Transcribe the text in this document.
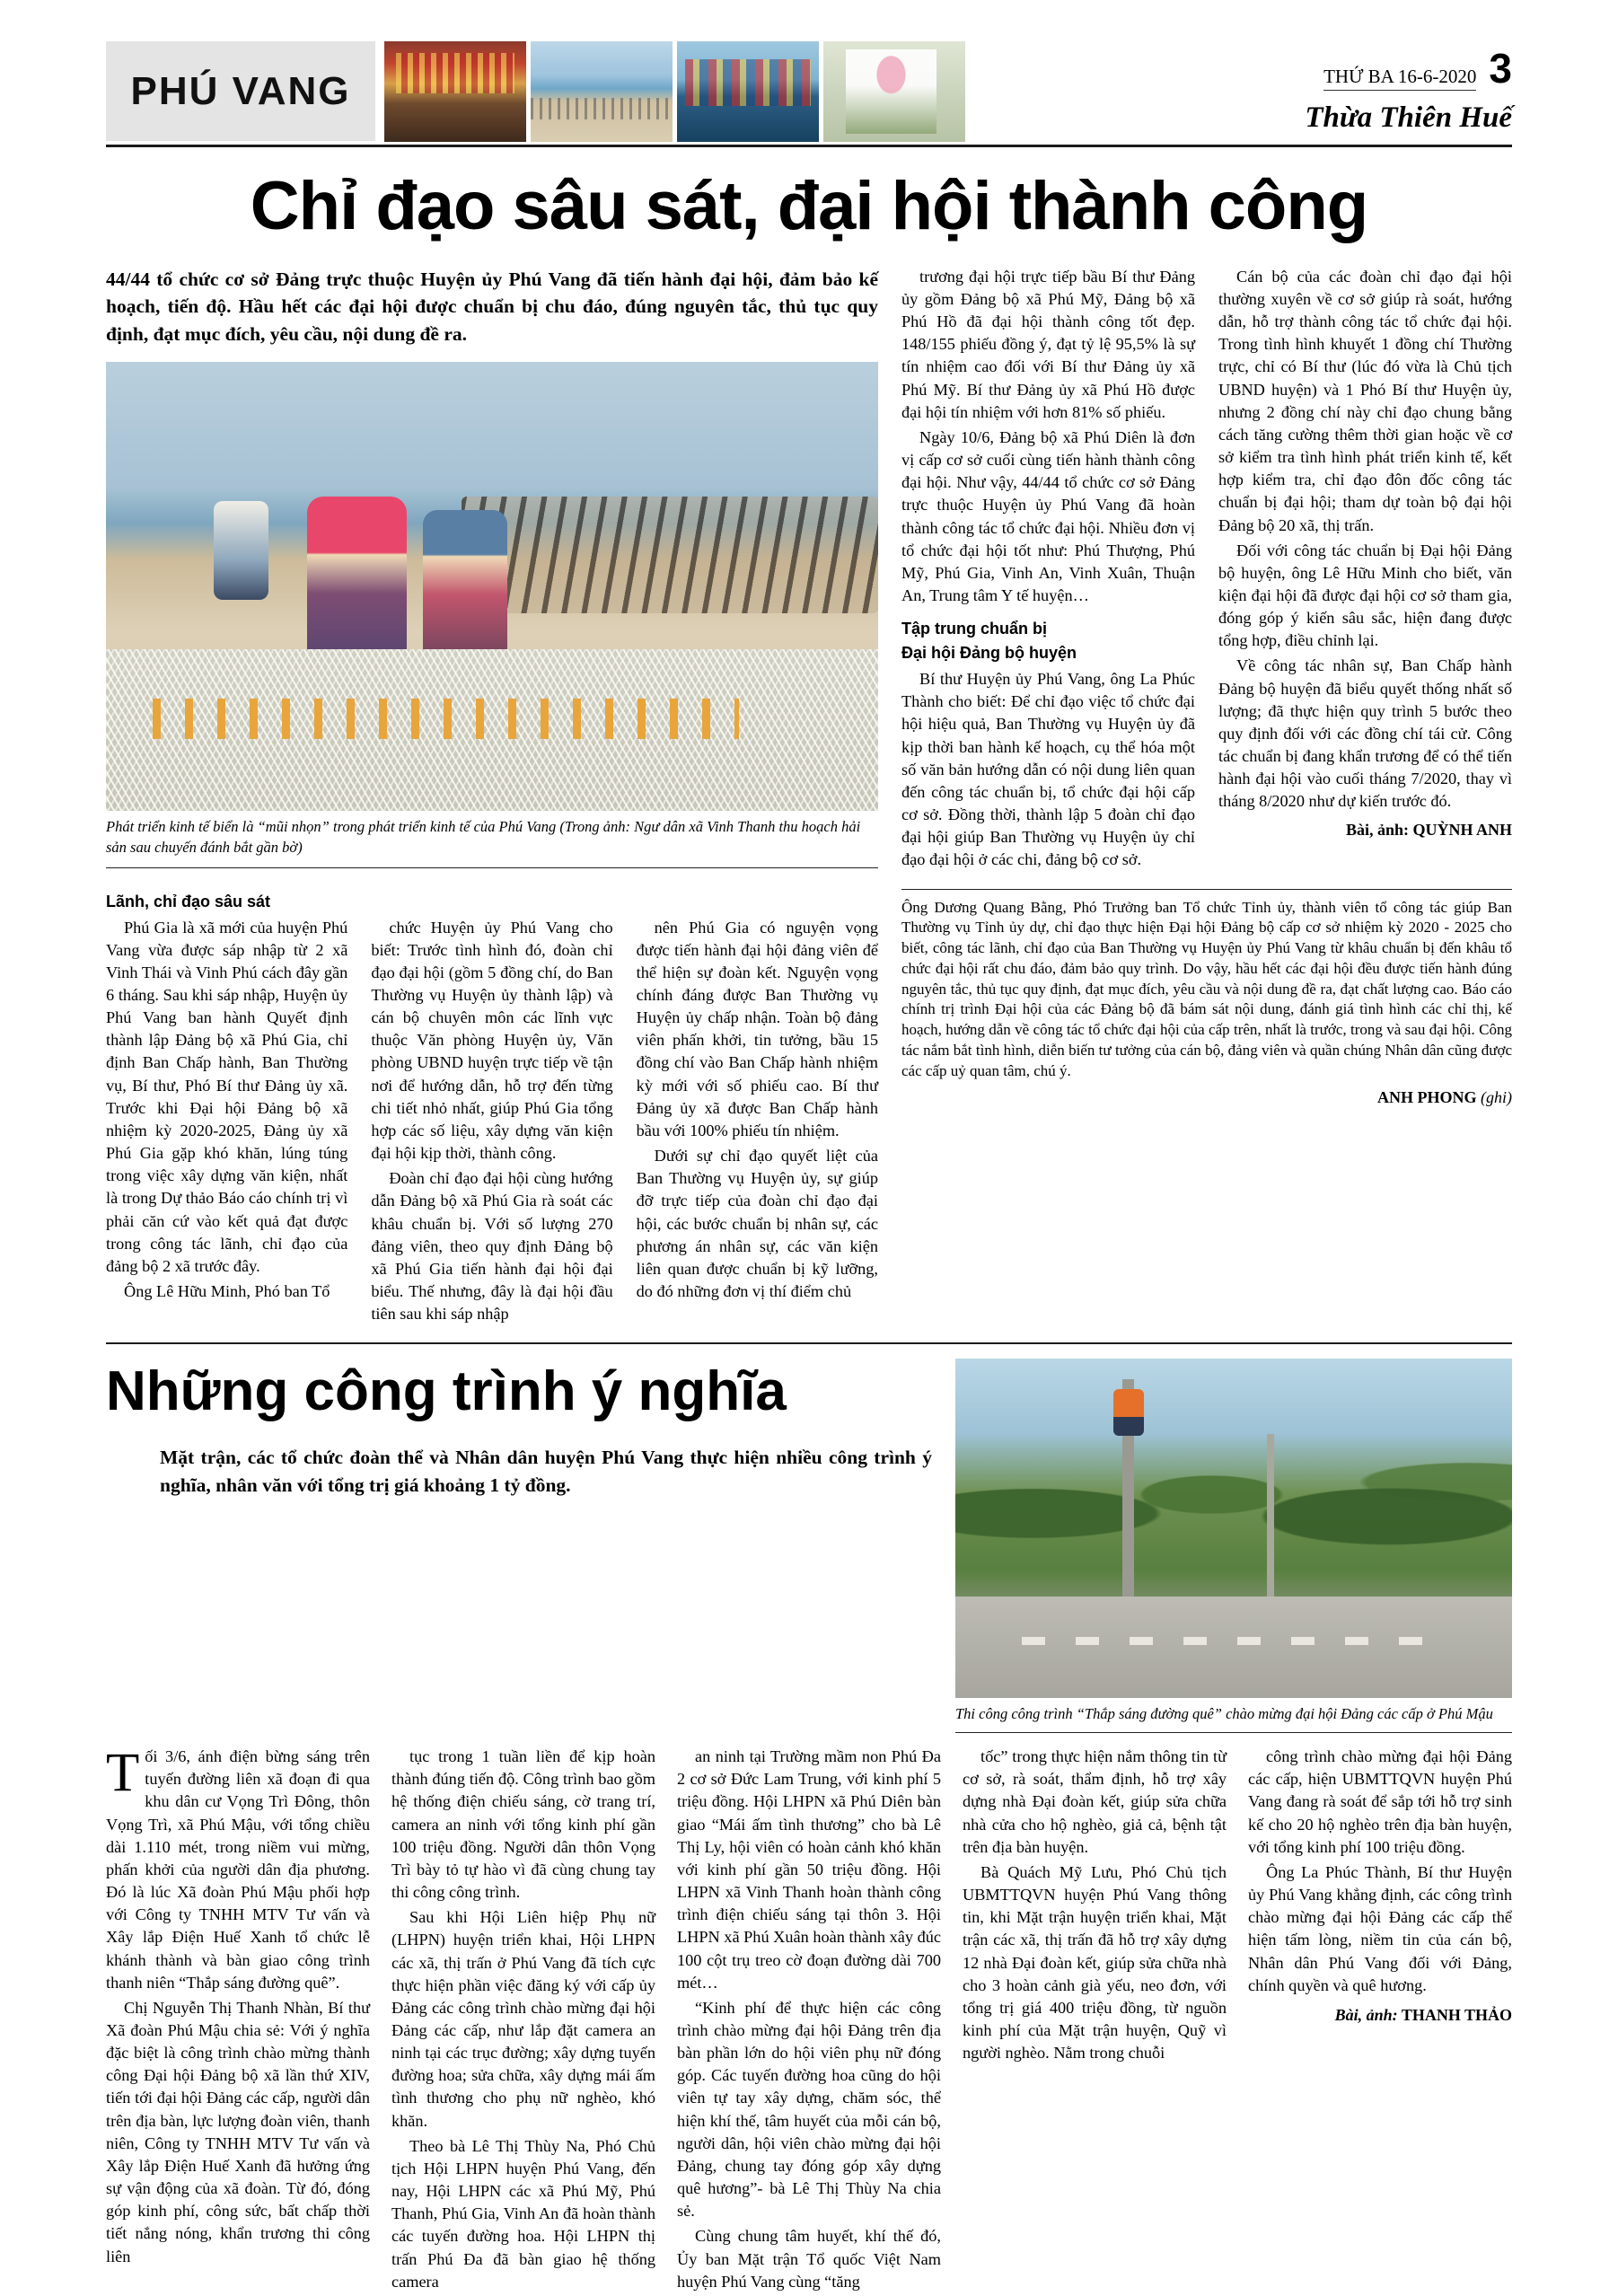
PHÚ VANG	THỨ BA 16-6-2020 3
Thừa Thiên Huế
Chỉ đạo sâu sát, đại hội thành công
44/44 tổ chức cơ sở Đảng trực thuộc Huyện ủy Phú Vang đã tiến hành đại hội, đảm bảo kế hoạch, tiến độ. Hầu hết các đại hội được chuẩn bị chu đáo, đúng nguyên tắc, thủ tục quy định, đạt mục đích, yêu cầu, nội dung đề ra.
Phát triển kinh tế biển là “mũi nhọn” trong phát triển kinh tế của Phú Vang (Trong ảnh: Ngư dân xã Vinh Thanh thu hoạch hải sản sau chuyến đánh bắt gần bờ)

trương đại hội trực tiếp bầu Bí thư Đảng ủy gồm Đảng bộ xã Phú Mỹ, Đảng bộ xã Phú Hồ đã đại hội thành công tốt đẹp. 148/155 phiếu đồng ý, đạt tỷ lệ 95,5% là sự tín nhiệm cao đối với Bí thư Đảng ủy xã Phú Mỹ. Bí thư Đảng ủy xã Phú Hồ được đại hội tín nhiệm với hơn 81% số phiếu.

Ngày 10/6, Đảng bộ xã Phú Diên là đơn vị cấp cơ sở cuối cùng tiến hành thành công đại hội. Như vậy, 44/44 tổ chức cơ sở Đảng trực thuộc Huyện ủy Phú Vang đã hoàn thành công tác tổ chức đại hội. Nhiều đơn vị tổ chức đại hội tốt như: Phú Thượng, Phú Mỹ, Phú Gia, Vinh An, Vinh Xuân, Thuận An, Trung tâm Y tế huyện…

Tập trung chuẩn bị
Đại hội Đảng bộ huyện

Bí thư Huyện ủy Phú Vang, ông La Phúc Thành cho biết: Để chỉ đạo việc tổ chức đại hội hiệu quả, Ban Thường vụ Huyện ủy đã kịp thời ban hành kế hoạch, cụ thể hóa một số văn bản hướng dẫn có nội dung liên quan đến công tác chuẩn bị, tổ chức đại hội cấp cơ sở. Đồng thời, thành lập 5 đoàn chỉ đạo đại hội giúp Ban Thường vụ Huyện ủy chỉ đạo đại hội ở các chi, đảng bộ cơ sở.

Cán bộ của các đoàn chỉ đạo đại hội thường xuyên về cơ sở giúp rà soát, hướng dẫn, hỗ trợ thành công tác tổ chức đại hội. Trong tình hình khuyết 1 đồng chí Thường trực, chỉ có Bí thư (lúc đó vừa là Chủ tịch UBND huyện) và 1 Phó Bí thư Huyện ủy, nhưng 2 đồng chí này chỉ đạo chung bằng cách tăng cường thêm thời gian hoặc về cơ sở kiểm tra tình hình phát triển kinh tế, kết hợp kiểm tra, chỉ đạo đôn đốc công tác chuẩn bị đại hội; tham dự toàn bộ đại hội Đảng bộ 20 xã, thị trấn.

Đối với công tác chuẩn bị Đại hội Đảng bộ huyện, ông Lê Hữu Minh cho biết, văn kiện đại hội đã được đại hội cơ sở tham gia, đóng góp ý kiến sâu sắc, hiện đang được tổng hợp, điều chỉnh lại.

Về công tác nhân sự, Ban Chấp hành Đảng bộ huyện đã biểu quyết thống nhất số lượng; đã thực hiện quy trình 5 bước theo quy định đối với các đồng chí tái cử. Công tác chuẩn bị đang khẩn trương để có thể tiến hành đại hội vào cuối tháng 7/2020, thay vì tháng 8/2020 như dự kiến trước đó.

Bài, ảnh: QUỲNH ANH
Lãnh, chỉ đạo sâu sát

Phú Gia là xã mới của huyện Phú Vang vừa được sáp nhập từ 2 xã Vinh Thái và Vinh Phú cách đây gần 6 tháng. Sau khi sáp nhập, Huyện ủy Phú Vang ban hành Quyết định thành lập Đảng bộ xã Phú Gia, chỉ định Ban Chấp hành, Ban Thường vụ, Bí thư, Phó Bí thư Đảng ủy xã. Trước khi Đại hội Đảng bộ xã nhiệm kỳ 2020-2025, Đảng ủy xã Phú Gia gặp khó khăn, lúng túng trong việc xây dựng văn kiện, nhất là trong Dự thảo Báo cáo chính trị vì phải căn cứ vào kết quả đạt được trong công tác lãnh, chỉ đạo của đảng bộ 2 xã trước đây.

Ông Lê Hữu Minh, Phó ban Tổ

chức Huyện ủy Phú Vang cho biết: Trước tình hình đó, đoàn chỉ đạo đại hội (gồm 5 đồng chí, do Ban Thường vụ Huyện ủy thành lập) và cán bộ chuyên môn các lĩnh vực thuộc Văn phòng Huyện ủy, Văn phòng UBND huyện trực tiếp về tận nơi để hướng dẫn, hỗ trợ đến từng chi tiết nhỏ nhất, giúp Phú Gia tổng hợp các số liệu, xây dựng văn kiện đại hội kịp thời, thành công.

Đoàn chỉ đạo đại hội cùng hướng dẫn Đảng bộ xã Phú Gia rà soát các khâu chuẩn bị. Với số lượng 270 đảng viên, theo quy định Đảng bộ xã Phú Gia tiến hành đại hội đại biểu. Thế nhưng, đây là đại hội đầu tiên sau khi sáp nhập

nên Phú Gia có nguyện vọng được tiến hành đại hội đảng viên để thể hiện sự đoàn kết. Nguyện vọng chính đáng được Ban Thường vụ Huyện ủy chấp nhận. Toàn bộ đảng viên phấn khởi, tin tưởng, bầu 15 đồng chí vào Ban Chấp hành nhiệm kỳ mới với số phiếu cao. Bí thư Đảng ủy xã được Ban Chấp hành bầu với 100% phiếu tín nhiệm.

Dưới sự chỉ đạo quyết liệt của Ban Thường vụ Huyện ủy, sự giúp đỡ trực tiếp của đoàn chỉ đạo đại hội, các bước chuẩn bị nhân sự, các phương án nhân sự, các văn kiện liên quan được chuẩn bị kỹ lưỡng, do đó những đơn vị thí điểm chủ

Ông Dương Quang Bằng, Phó Trưởng ban Tổ chức Tỉnh ủy, thành viên tổ công tác giúp Ban Thường vụ Tỉnh ủy dự, chỉ đạo thực hiện Đại hội Đảng bộ cấp cơ sở nhiệm kỳ 2020 - 2025 cho biết, công tác lãnh, chỉ đạo của Ban Thường vụ Huyện ủy Phú Vang từ khâu chuẩn bị đến khâu tổ chức đại hội rất chu đáo, đảm bảo quy trình. Do vậy, hầu hết các đại hội đều được tiến hành đúng nguyên tắc, thủ tục quy định, đạt mục đích, yêu cầu và nội dung đề ra, đạt chất lượng cao. Báo cáo chính trị trình Đại hội của các Đảng bộ đã bám sát nội dung, đánh giá tình hình các chỉ thị, kế hoạch, hướng dẫn về công tác tổ chức đại hội của cấp trên, nhất là trước, trong và sau đại hội. Công tác nắm bắt tình hình, diễn biến tư tưởng của cán bộ, đảng viên và quần chúng Nhân dân cũng được các cấp uỷ quan tâm, chú ý.
ANH PHONG (ghi)
Những công trình ý nghĩa
Mặt trận, các tổ chức đoàn thể và Nhân dân huyện Phú Vang thực hiện nhiều công trình ý nghĩa, nhân văn với tổng trị giá khoảng 1 tỷ đồng.
Thi công công trình “Thắp sáng đường quê” chào mừng đại hội Đảng các cấp ở Phú Mậu

Tối 3/6, ánh điện bừng sáng trên tuyến đường liên xã đoạn đi qua khu dân cư Vọng Trì Đông, thôn Vọng Trì, xã Phú Mậu, với tổng chiều dài 1.110 mét, trong niềm vui mừng, phấn khởi của người dân địa phương. Đó là lúc Xã đoàn Phú Mậu phối hợp với Công ty TNHH MTV Tư vấn và Xây lắp Điện Huế Xanh tổ chức lễ khánh thành và bàn giao công trình thanh niên “Thắp sáng đường quê”.

Chị Nguyễn Thị Thanh Nhàn, Bí thư Xã đoàn Phú Mậu chia sẻ: Với ý nghĩa đặc biệt là công trình chào mừng thành công Đại hội Đảng bộ xã lần thứ XIV, tiến tới đại hội Đảng các cấp, người dân trên địa bàn, lực lượng đoàn viên, thanh niên, Công ty TNHH MTV Tư vấn và Xây lắp Điện Huế Xanh đã hưởng ứng sự vận động của xã đoàn. Từ đó, đóng góp kinh phí, công sức, bất chấp thời tiết nắng nóng, khẩn trương thi công liên

tục trong 1 tuần liền để kịp hoàn thành đúng tiến độ. Công trình bao gồm hệ thống điện chiếu sáng, cờ trang trí, camera an ninh với tổng kinh phí gần 100 triệu đồng. Người dân thôn Vọng Trì bày tỏ tự hào vì đã cùng chung tay thi công công trình.

Sau khi Hội Liên hiệp Phụ nữ (LHPN) huyện triển khai, Hội LHPN các xã, thị trấn ở Phú Vang đã tích cực thực hiện phần việc đăng ký với cấp ủy Đảng các công trình chào mừng đại hội Đảng các cấp, như lắp đặt camera an ninh tại các trục đường; xây dựng tuyến đường hoa; sửa chữa, xây dựng mái ấm tình thương cho phụ nữ nghèo, khó khăn.

Theo bà Lê Thị Thùy Na, Phó Chủ tịch Hội LHPN huyện Phú Vang, đến nay, Hội LHPN các xã Phú Mỹ, Phú Thanh, Phú Gia, Vinh An đã hoàn thành các tuyến đường hoa. Hội LHPN thị trấn Phú Đa đã bàn giao hệ thống camera

an ninh tại Trường mầm non Phú Đa 2 cơ sở Đức Lam Trung, với kinh phí 5 triệu đồng. Hội LHPN xã Phú Diên bàn giao “Mái ấm tình thương” cho bà Lê Thị Ly, hội viên có hoàn cảnh khó khăn với kinh phí gần 50 triệu đồng. Hội LHPN xã Vinh Thanh hoàn thành công trình điện chiếu sáng tại thôn 3. Hội LHPN xã Phú Xuân hoàn thành xây đúc 100 cột trụ treo cờ đoạn đường dài 700 mét…

“Kinh phí để thực hiện các công trình chào mừng đại hội Đảng trên địa bàn phần lớn do hội viên phụ nữ đóng góp. Các tuyến đường hoa cũng do hội viên tự tay xây dựng, chăm sóc, thể hiện khí thế, tâm huyết của mỗi cán bộ, người dân, hội viên chào mừng đại hội Đảng, chung tay đóng góp xây dựng quê hương”- bà Lê Thị Thùy Na chia sẻ.

Cùng chung tâm huyết, khí thế đó, Ủy ban Mặt trận Tổ quốc Việt Nam huyện Phú Vang cùng “tăng

tốc” trong thực hiện nắm thông tin từ cơ sở, rà soát, thẩm định, hỗ trợ xây dựng nhà Đại đoàn kết, giúp sửa chữa nhà cửa cho hộ nghèo, giả cả, bệnh tật trên địa bàn huyện.

Bà Quách Mỹ Lưu, Phó Chủ tịch UBMTTQVN huyện Phú Vang thông tin, khi Mặt trận huyện triển khai, Mặt trận các xã, thị trấn đã hỗ trợ xây dựng 12 nhà Đại đoàn kết, giúp sửa chữa nhà cho 3 hoàn cảnh già yếu, neo đơn, với tổng trị giá 400 triệu đồng, từ nguồn kinh phí của Mặt trận huyện, Quỹ vì người nghèo. Nằm trong chuỗi

công trình chào mừng đại hội Đảng các cấp, hiện UBMTTQVN huyện Phú Vang đang rà soát để sắp tới hỗ trợ sinh kế cho 20 hộ nghèo trên địa bàn huyện, với tổng kinh phí 100 triệu đồng.

Ông La Phúc Thành, Bí thư Huyện ủy Phú Vang khẳng định, các công trình chào mừng đại hội Đảng các cấp thể hiện tấm lòng, niềm tin của cán bộ, Nhân dân Phú Vang đối với Đảng, chính quyền và quê hương.

Bài, ảnh: THANH THẢO
